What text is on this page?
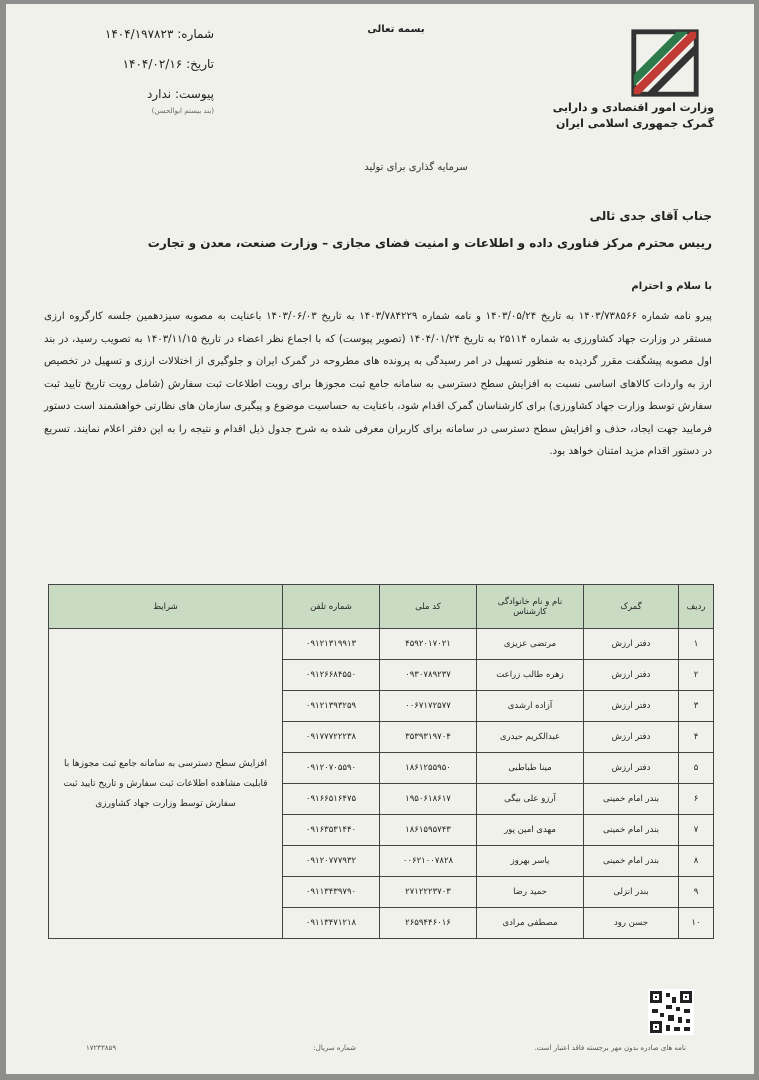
شماره: ۱۴۰۴/۱۹۷۸۲۳
تاریخ: ۱۴۰۴/۰۲/۱۶
پیوست: ندارد
(بند بیستم ابوالحسن)
بسمه تعالی
وزارت امور اقتصادی و دارایی
گمرک جمهوری اسلامی ایران
سرمایه گذاری برای تولید
جناب آقای جدی ثالی
رییس محترم مرکز فناوری داده و اطلاعات و امنیت فضای مجازی – وزارت صنعت، معدن و تجارت
با سلام و احترام
پیرو نامه شماره ۱۴۰۳/۷۳۸۵۶۶ به تاریخ ۱۴۰۳/۰۵/۲۴ و نامه شماره ۱۴۰۳/۷۸۴۲۲۹ به تاریخ ۱۴۰۳/۰۶/۰۳ باعنایت به مصوبه سیزدهمین جلسه کارگروه ارزی مستقر در وزارت جهاد کشاورزی به شماره ۲۵۱۱۴ به تاریخ ۱۴۰۴/۰۱/۲۴ (تصویر پیوست) که با اجماع نظر اعضاء در تاریخ ۱۴۰۳/۱۱/۱۵ به تصویب رسید، در بند اول مصوبه پیشگفت مقرر گردیده به منظور تسهیل در امر رسیدگی به پرونده های مطروحه در گمرک ایران و جلوگیری از اختلالات ارزی و تسهیل در تخصیص ارز به واردات کالاهای اساسی نسبت به افزایش سطح دسترسی به سامانه جامع ثبت مجوزها برای رویت اطلاعات ثبت سفارش (شامل رویت تاریخ تایید ثبت سفارش توسط وزارت جهاد کشاورزی) برای کارشناسان گمرک اقدام شود، باعنایت به حساسیت موضوع و پیگیری سازمان های نظارتی خواهشمند است دستور فرمایید جهت ایجاد، حذف و افزایش سطح دسترسی در سامانه برای کاربران معرفی شده به شرح جدول ذیل اقدام و نتیجه را به این دفتر اعلام نمایند. تسریع در دستور اقدام مزید امتنان خواهد بود.
ردیف	گمرک	نام و نام خانوادگی کارشناس	کد ملی	شماره تلفن	شرایط
۱	دفتر ارزش	مرتضی عزیزی	۴۵۹۲۰۱۷۰۲۱	۰۹۱۲۱۳۱۹۹۱۳	افزایش سطح دسترسی به سامانه جامع ثبت مجوزها با قابلیت مشاهده اطلاعات ثبت سفارش و تاریخ تایید ثبت سفارش توسط وزارت جهاد کشاورزی
۲	دفتر ارزش	زهره طالب زراعت	۰۹۳۰۷۸۹۲۳۷	۰۹۱۲۶۶۸۴۵۵۰	
۳	دفتر ارزش	آزاده ارشدی	۰۰۶۷۱۷۲۵۷۷	۰۹۱۲۱۳۹۳۲۵۹	
۴	دفتر ارزش	عبدالکریم حیدری	۳۵۳۹۳۱۹۷۰۴	۰۹۱۷۷۷۲۲۲۳۸	
۵	دفتر ارزش	مینا طباطبی	۱۸۶۱۲۵۵۹۵۰	۰۹۱۲۰۷۰۵۵۹۰	
۶	بندر امام خمینی	آرزو علی بیگی	۱۹۵۰۶۱۸۶۱۷	۰۹۱۶۶۵۱۶۴۷۵	
۷	بندر امام خمینی	مهدی امین پور	۱۸۶۱۵۹۵۷۴۳	۰۹۱۶۳۵۳۱۴۴۰	
۸	بندر امام خمینی	یاسر بهروز	۰۰۶۲۱۰۰۷۸۲۸	۰۹۱۲۰۷۷۷۹۳۲	
۹	بندر انزلی	حمید رضا	۲۷۱۲۲۲۳۷۰۳	۰۹۱۱۳۴۳۹۷۹۰	
۱۰	جسن رود	مصطفی مرادی	۲۶۵۹۴۴۶۰۱۶	۰۹۱۱۳۴۷۱۲۱۸	
نامه های صادره بدون مهر برجسته فاقد اعتبار است.
شماره سریال:
۱۷۲۴۳۸۵۹
